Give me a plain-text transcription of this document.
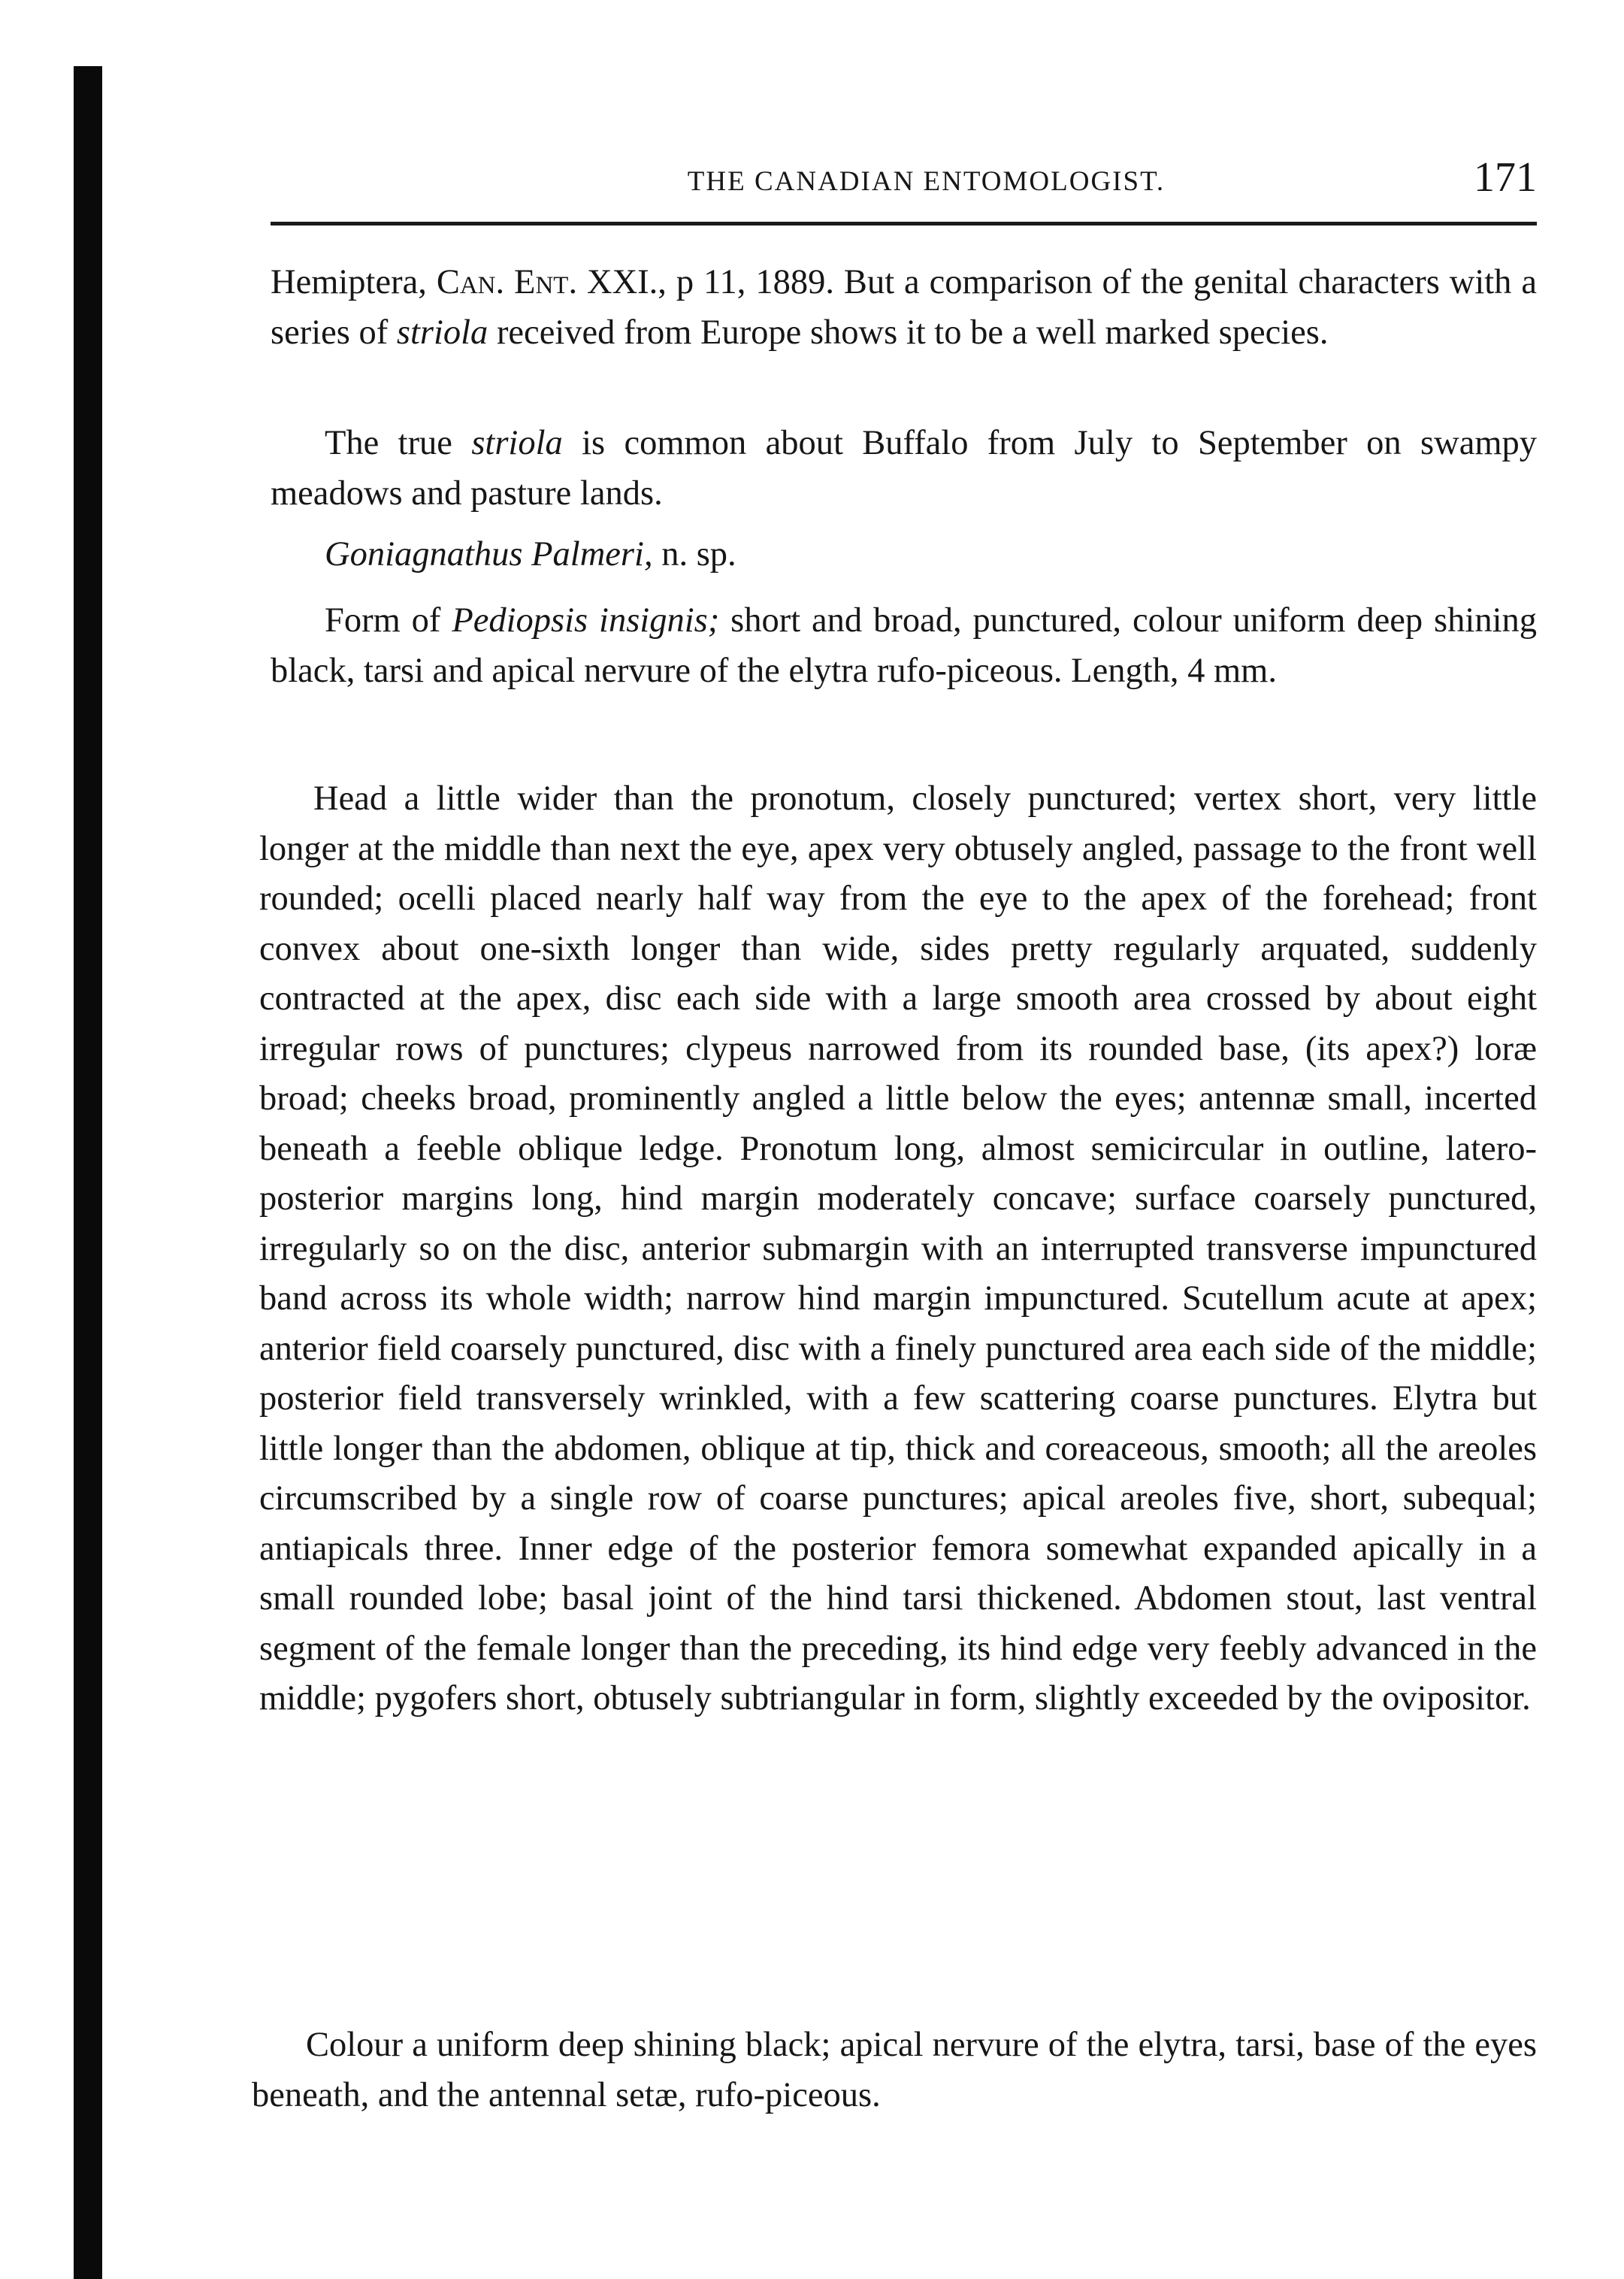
THE CANADIAN ENTOMOLOGIST.	171

Hemiptera, Can. Ent. XXI., p 11, 1889. But a comparison of the genital characters with a series of striola received from Europe shows it to be a well marked species.

The true striola is common about Buffalo from July to September on swampy meadows and pasture lands.

Goniagnathus Palmeri, n. sp.

Form of Pediopsis insignis; short and broad, punctured, colour uniform deep shining black, tarsi and apical nervure of the elytra rufo-piceous. Length, 4 mm.

Head a little wider than the pronotum, closely punctured; vertex short, very little longer at the middle than next the eye, apex very obtusely angled, passage to the front well rounded; ocelli placed nearly half way from the eye to the apex of the forehead; front convex about one-sixth longer than wide, sides pretty regularly arquated, suddenly contracted at the apex, disc each side with a large smooth area crossed by about eight irregular rows of punctures; clypeus narrowed from its rounded base, (its apex?) loræ broad; cheeks broad, prominently angled a little below the eyes; antennæ small, incerted beneath a feeble oblique ledge. Pronotum long, almost semicircular in outline, latero-posterior margins long, hind margin moderately concave; surface coarsely punctured, irregularly so on the disc, anterior submargin with an interrupted transverse impunctured band across its whole width; narrow hind margin impunctured. Scutellum acute at apex; anterior field coarsely punctured, disc with a finely punctured area each side of the middle; posterior field transversely wrinkled, with a few scattering coarse punctures. Elytra but little longer than the abdomen, oblique at tip, thick and coreaceous, smooth; all the areoles circumscribed by a single row of coarse punctures; apical areoles five, short, subequal; antiapicals three. Inner edge of the posterior femora somewhat expanded apically in a small rounded lobe; basal joint of the hind tarsi thickened. Abdomen stout, last ventral segment of the female longer than the preceding, its hind edge very feebly advanced in the middle; pygofers short, obtusely subtriangular in form, slightly exceeded by the ovipositor.

Colour a uniform deep shining black; apical nervure of the elytra, tarsi, base of the eyes beneath, and the antennal setæ, rufo-piceous.
